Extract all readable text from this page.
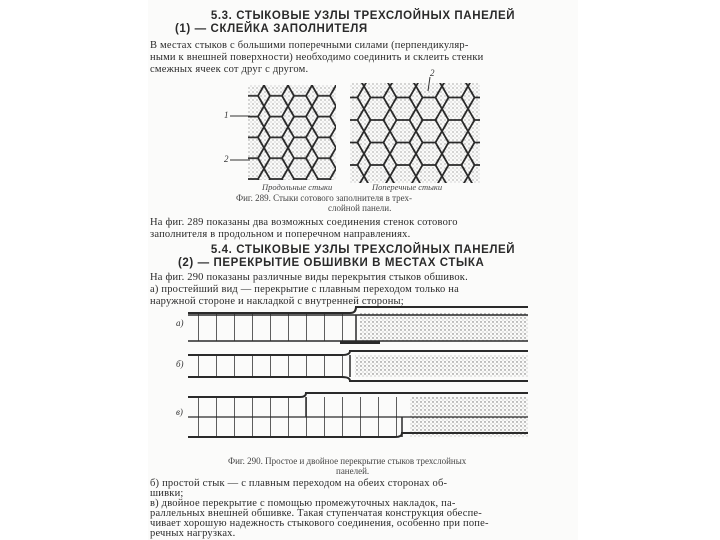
5.3. СТЫКОВЫЕ УЗЛЫ ТРЕХСЛОЙНЫХ ПАНЕЛЕЙ
(1) — СКЛЕЙКА ЗАПОЛНИТЕЛЯ
В местах стыков с большими поперечными силами (перпендикуляр-
ными к внешней поверхности) необходимо соединить и склеить стенки
смежных ячеек сот друг с другом.
1
2
2
Продольные стыки	Поперечные стыки
Фиг. 289. Стыки сотового заполнителя в трех-
слойной панели.
На фиг. 289 показаны два возможных соединения стенок сотового
заполнителя в продольном и поперечном направлениях.
5.4. СТЫКОВЫЕ УЗЛЫ ТРЕХСЛОЙНЫХ ПАНЕЛЕЙ
(2) — ПЕРЕКРЫТИЕ ОБШИВКИ В МЕСТАХ СТЫКА
На фиг. 290 показаны различные виды перекрытия стыков обшивок.
а) простейший вид — перекрытие с плавным переходом только на
наружной стороне и накладкой с внутренней стороны;
а)
б)
в)
Фиг. 290. Простое и двойное перекрытие стыков трехслойных
панелей.
б) простой стык — с плавным переходом на обеих сторонах об-
шивки;
в) двойное перекрытие с помощью промежуточных накладок, па-
раллельных внешней обшивке. Такая ступенчатая конструкция обеспе-
чивает хорошую надежность стыкового соединения, особенно при попе-
речных нагрузках.
